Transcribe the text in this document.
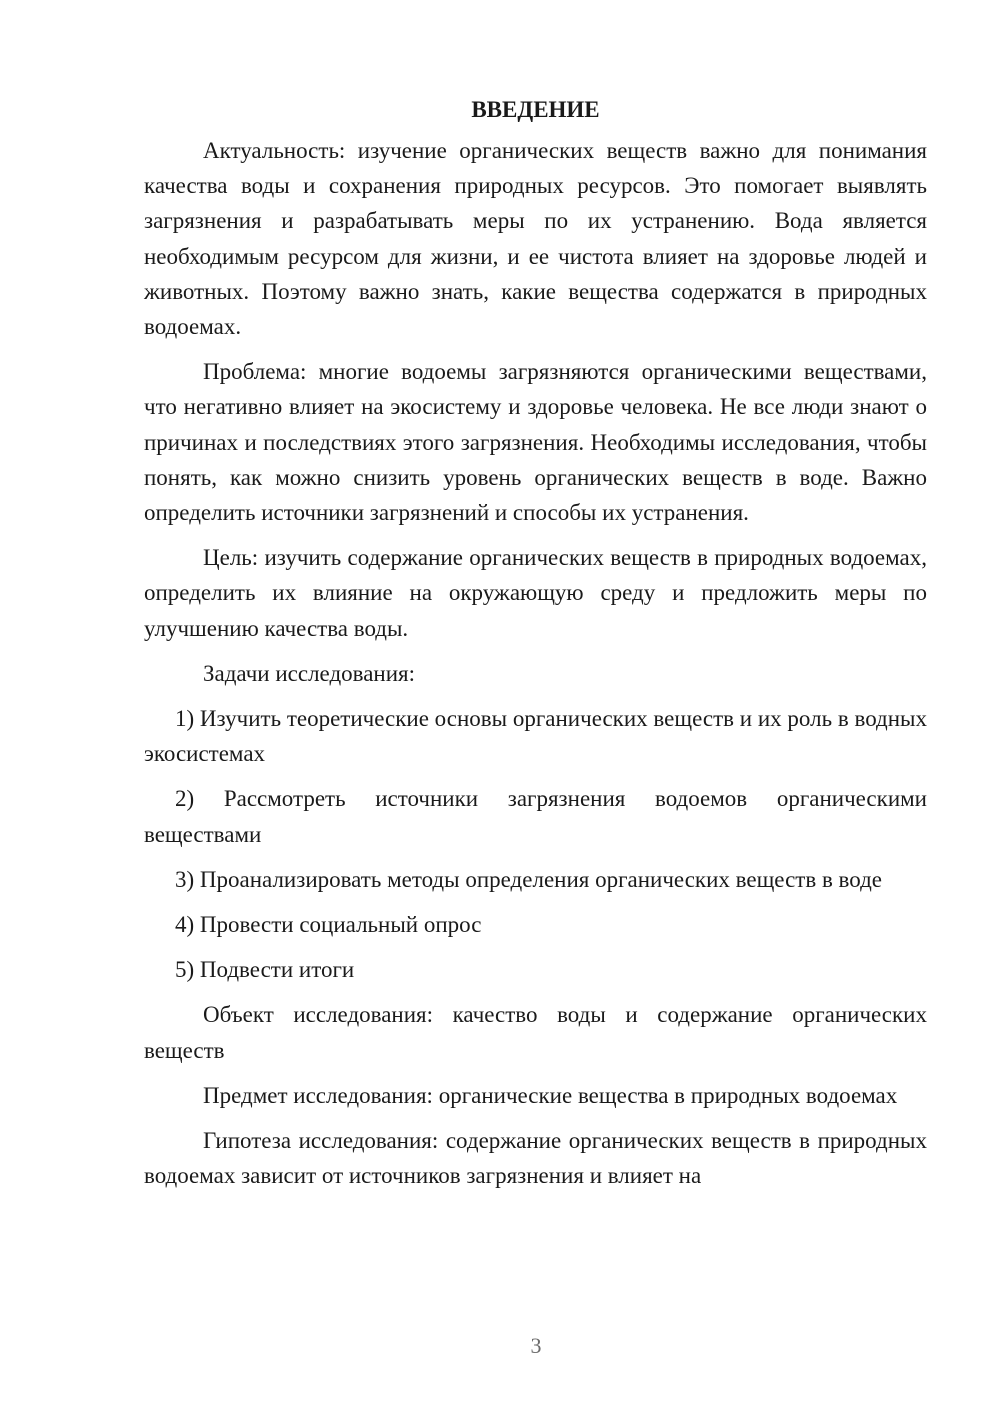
ВВЕДЕНИЕ

Актуальность: изучение органических веществ важно для понимания качества воды и сохранения природных ресурсов. Это помогает выявлять загрязнения и разрабатывать меры по их устранению. Вода является необходимым ресурсом для жизни, и ее чистота влияет на здоровье людей и животных. Поэтому важно знать, какие вещества содержатся в природных водоемах.

Проблема: многие водоемы загрязняются органическими веществами, что негативно влияет на экосистему и здоровье человека. Не все люди знают о причинах и последствиях этого загрязнения. Необходимы исследования, чтобы понять, как можно снизить уровень органических веществ в воде. Важно определить источники загрязнений и способы их устранения.

Цель: изучить содержание органических веществ в природных водоемах, определить их влияние на окружающую среду и предложить меры по улучшению качества воды.

Задачи исследования:

1) Изучить теоретические основы органических веществ и их роль в водных экосистемах

2) Рассмотреть источники загрязнения водоемов органическими веществами

3) Проанализировать методы определения органических веществ в воде

4) Провести социальный опрос

5) Подвести итоги

Объект исследования: качество воды и содержание органических веществ

Предмет исследования: органические вещества в природных водоемах

Гипотеза исследования: содержание органических веществ в природных водоемах зависит от источников загрязнения и влияет на

3
